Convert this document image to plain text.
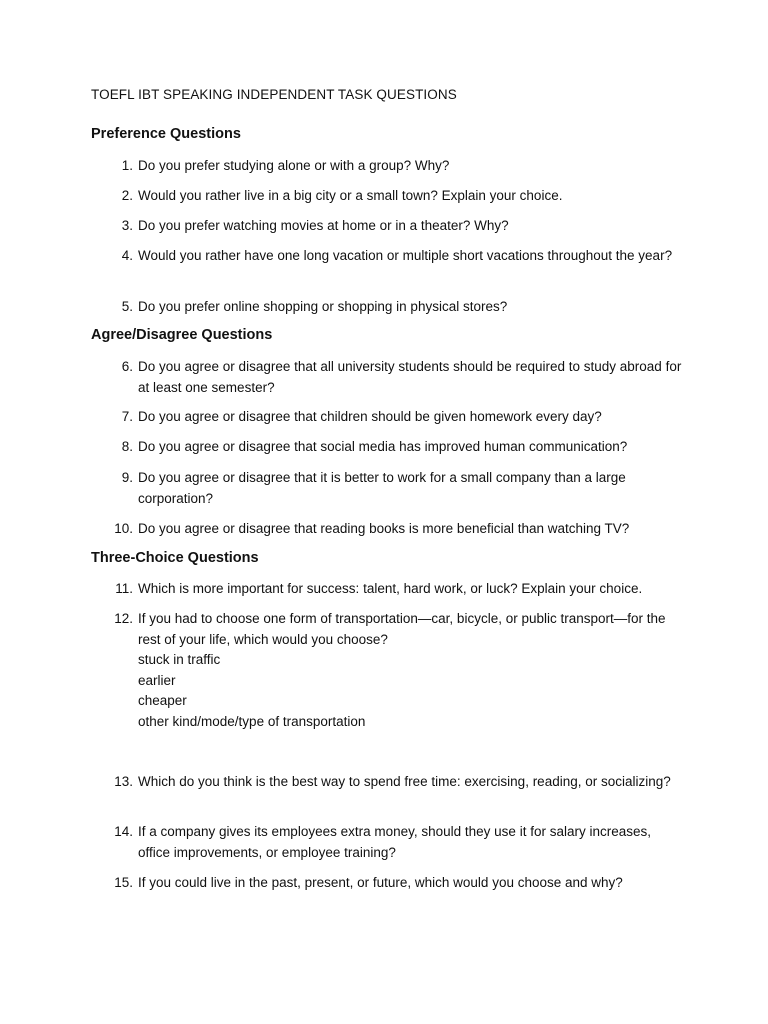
TOEFL IBT SPEAKING INDEPENDENT TASK QUESTIONS
Preference Questions
1. Do you prefer studying alone or with a group? Why?
2. Would you rather live in a big city or a small town? Explain your choice.
3. Do you prefer watching movies at home or in a theater? Why?
4. Would you rather have one long vacation or multiple short vacations throughout the year?
5. Do you prefer online shopping or shopping in physical stores?
Agree/Disagree Questions
6. Do you agree or disagree that all university students should be required to study abroad for at least one semester?
7. Do you agree or disagree that children should be given homework every day?
8. Do you agree or disagree that social media has improved human communication?
9. Do you agree or disagree that it is better to work for a small company than a large corporation?
10. Do you agree or disagree that reading books is more beneficial than watching TV?
Three-Choice Questions
11. Which is more important for success: talent, hard work, or luck? Explain your choice.
12. If you had to choose one form of transportation—car, bicycle, or public transport—for the rest of your life, which would you choose?
stuck in traffic
earlier
cheaper
other kind/mode/type of transportation
13. Which do you think is the best way to spend free time: exercising, reading, or socializing?
14. If a company gives its employees extra money, should they use it for salary increases, office improvements, or employee training?
15. If you could live in the past, present, or future, which would you choose and why?
